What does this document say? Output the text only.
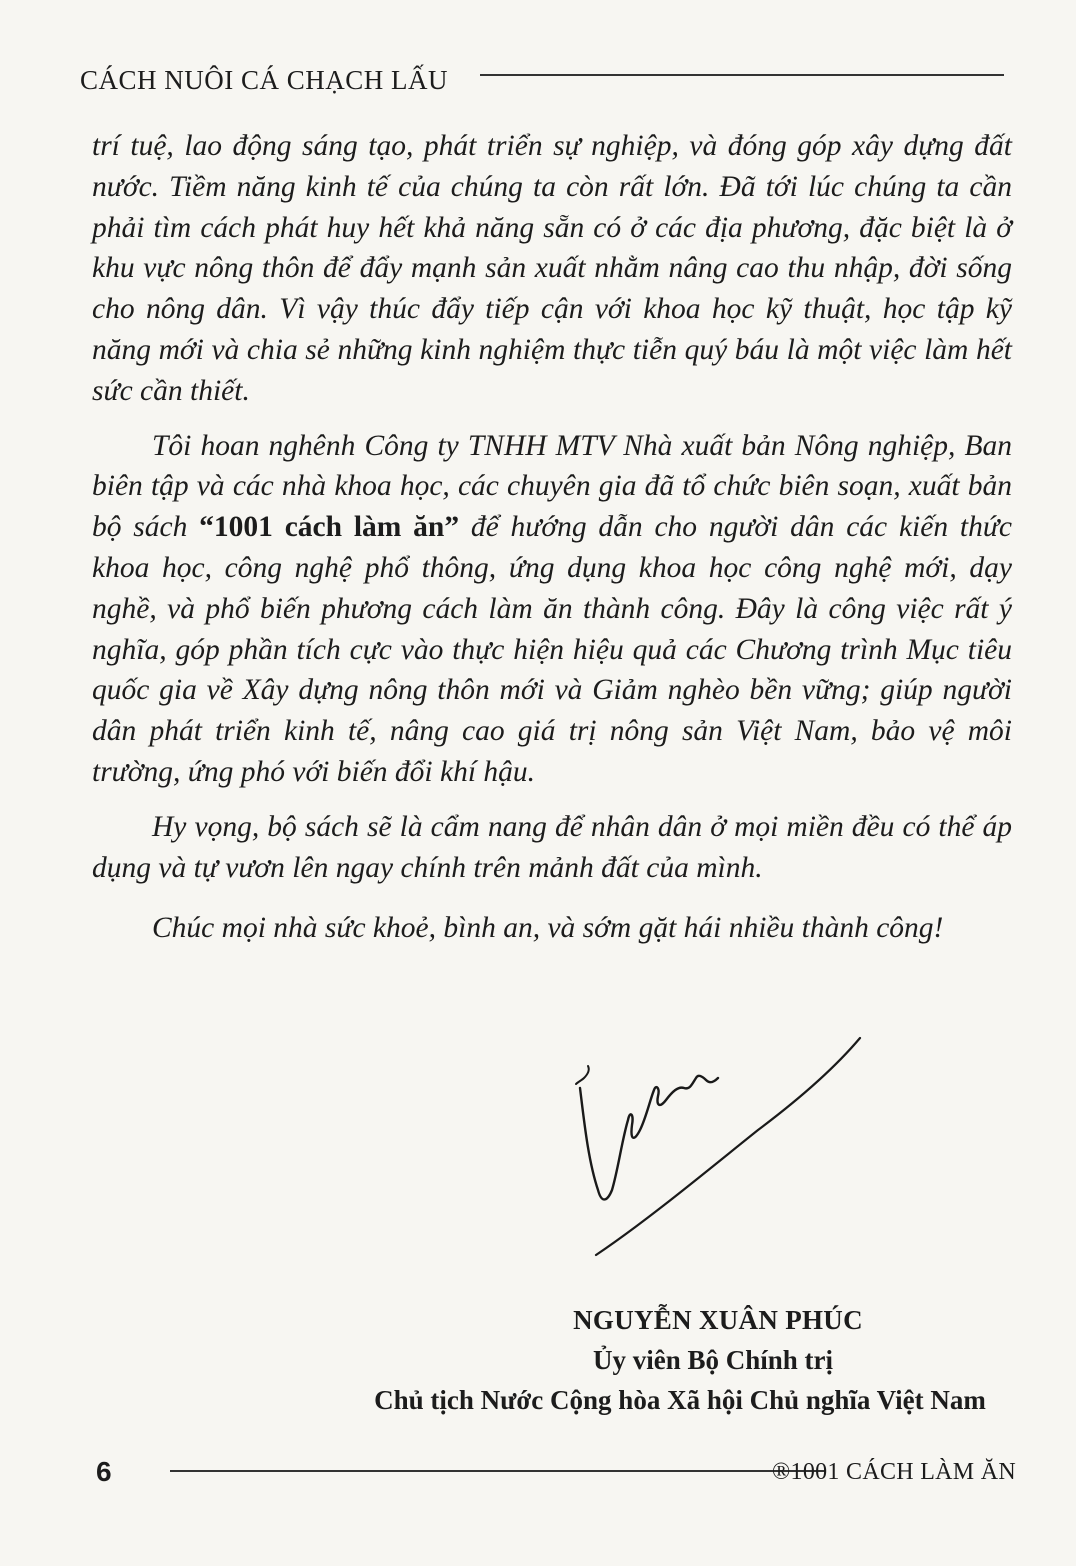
CÁCH NUÔI CÁ CHẠCH LẤU

trí tuệ, lao động sáng tạo, phát triển sự nghiệp, và đóng góp xây dựng đất nước. Tiềm năng kinh tế của chúng ta còn rất lớn. Đã tới lúc chúng ta cần phải tìm cách phát huy hết khả năng sẵn có ở các địa phương, đặc biệt là ở khu vực nông thôn để đẩy mạnh sản xuất nhằm nâng cao thu nhập, đời sống cho nông dân. Vì vậy thúc đẩy tiếp cận với khoa học kỹ thuật, học tập kỹ năng mới và chia sẻ những kinh nghiệm thực tiễn quý báu là một việc làm hết sức cần thiết.

Tôi hoan nghênh Công ty TNHH MTV Nhà xuất bản Nông nghiệp, Ban biên tập và các nhà khoa học, các chuyên gia đã tổ chức biên soạn, xuất bản bộ sách “1001 cách làm ăn” để hướng dẫn cho người dân các kiến thức khoa học, công nghệ phổ thông, ứng dụng khoa học công nghệ mới, dạy nghề, và phổ biến phương cách làm ăn thành công. Đây là công việc rất ý nghĩa, góp phần tích cực vào thực hiện hiệu quả các Chương trình Mục tiêu quốc gia về Xây dựng nông thôn mới và Giảm nghèo bền vững; giúp người dân phát triển kinh tế, nâng cao giá trị nông sản Việt Nam, bảo vệ môi trường, ứng phó với biến đổi khí hậu.

Hy vọng, bộ sách sẽ là cẩm nang để nhân dân ở mọi miền đều có thể áp dụng và tự vươn lên ngay chính trên mảnh đất của mình.

Chúc mọi nhà sức khoẻ, bình an, và sớm gặt hái nhiều thành công!

NGUYỄN XUÂN PHÚC
Ủy viên Bộ Chính trị
Chủ tịch Nước Cộng hòa Xã hội Chủ nghĩa Việt Nam
6	®1001 CÁCH LÀM ĂN
